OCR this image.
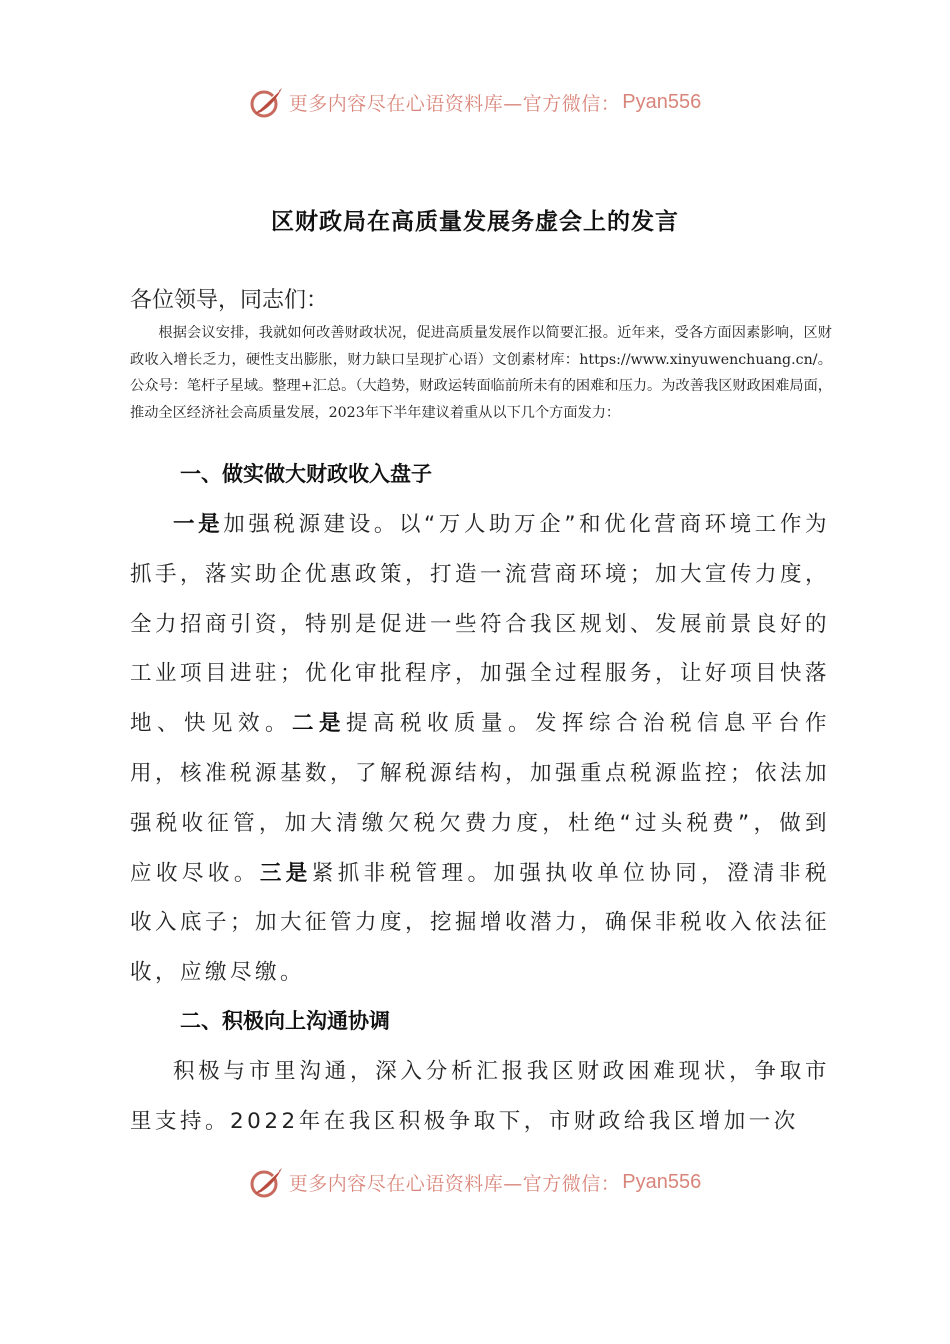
更多内容尽在心语资料库—官方微信： Pyan556
区财政局在高质量发展务虚会上的发言
各位领导，同志们：

根据会议安排，我就如何改善财政状况，促进高质量发展作以简要汇报。近年来，受各方面因素影响，区财政收入增长乏力，硬性支出膨胀，财力缺口呈现扩心语）文创素材库：https://www.xinyuwenchuang.cn/。公众号：笔杆子星域。整理+汇总。（大趋势，财政运转面临前所未有的困难和压力。为改善我区财政困难局面，推动全区经济社会高质量发展，2023年下半年建议着重从以下几个方面发力：

一、做实做大财政收入盘子

一是加强税源建设。以“万人助万企”和优化营商环境工作为抓手，落实助企优惠政策，打造一流营商环境；加大宣传力度，全力招商引资，特别是促进一些符合我区规划、发展前景良好的工业项目进驻；优化审批程序，加强全过程服务，让好项目快落地、快见效。二是提高税收质量。发挥综合治税信息平台作用，核准税源基数，了解税源结构，加强重点税源监控；依法加强税收征管，加大清缴欠税欠费力度，杜绝“过头税费”，做到应收尽收。三是紧抓非税管理。加强执收单位协同，澄清非税收入底子；加大征管力度，挖掘增收潜力，确保非税收入依法征收，应缴尽缴。

二、积极向上沟通协调

积极与市里沟通，深入分析汇报我区财政困难现状，争取市里支持。2022年在我区积极争取下，市财政给我区增加一次

更多内容尽在心语资料库—官方微信： Pyan556
